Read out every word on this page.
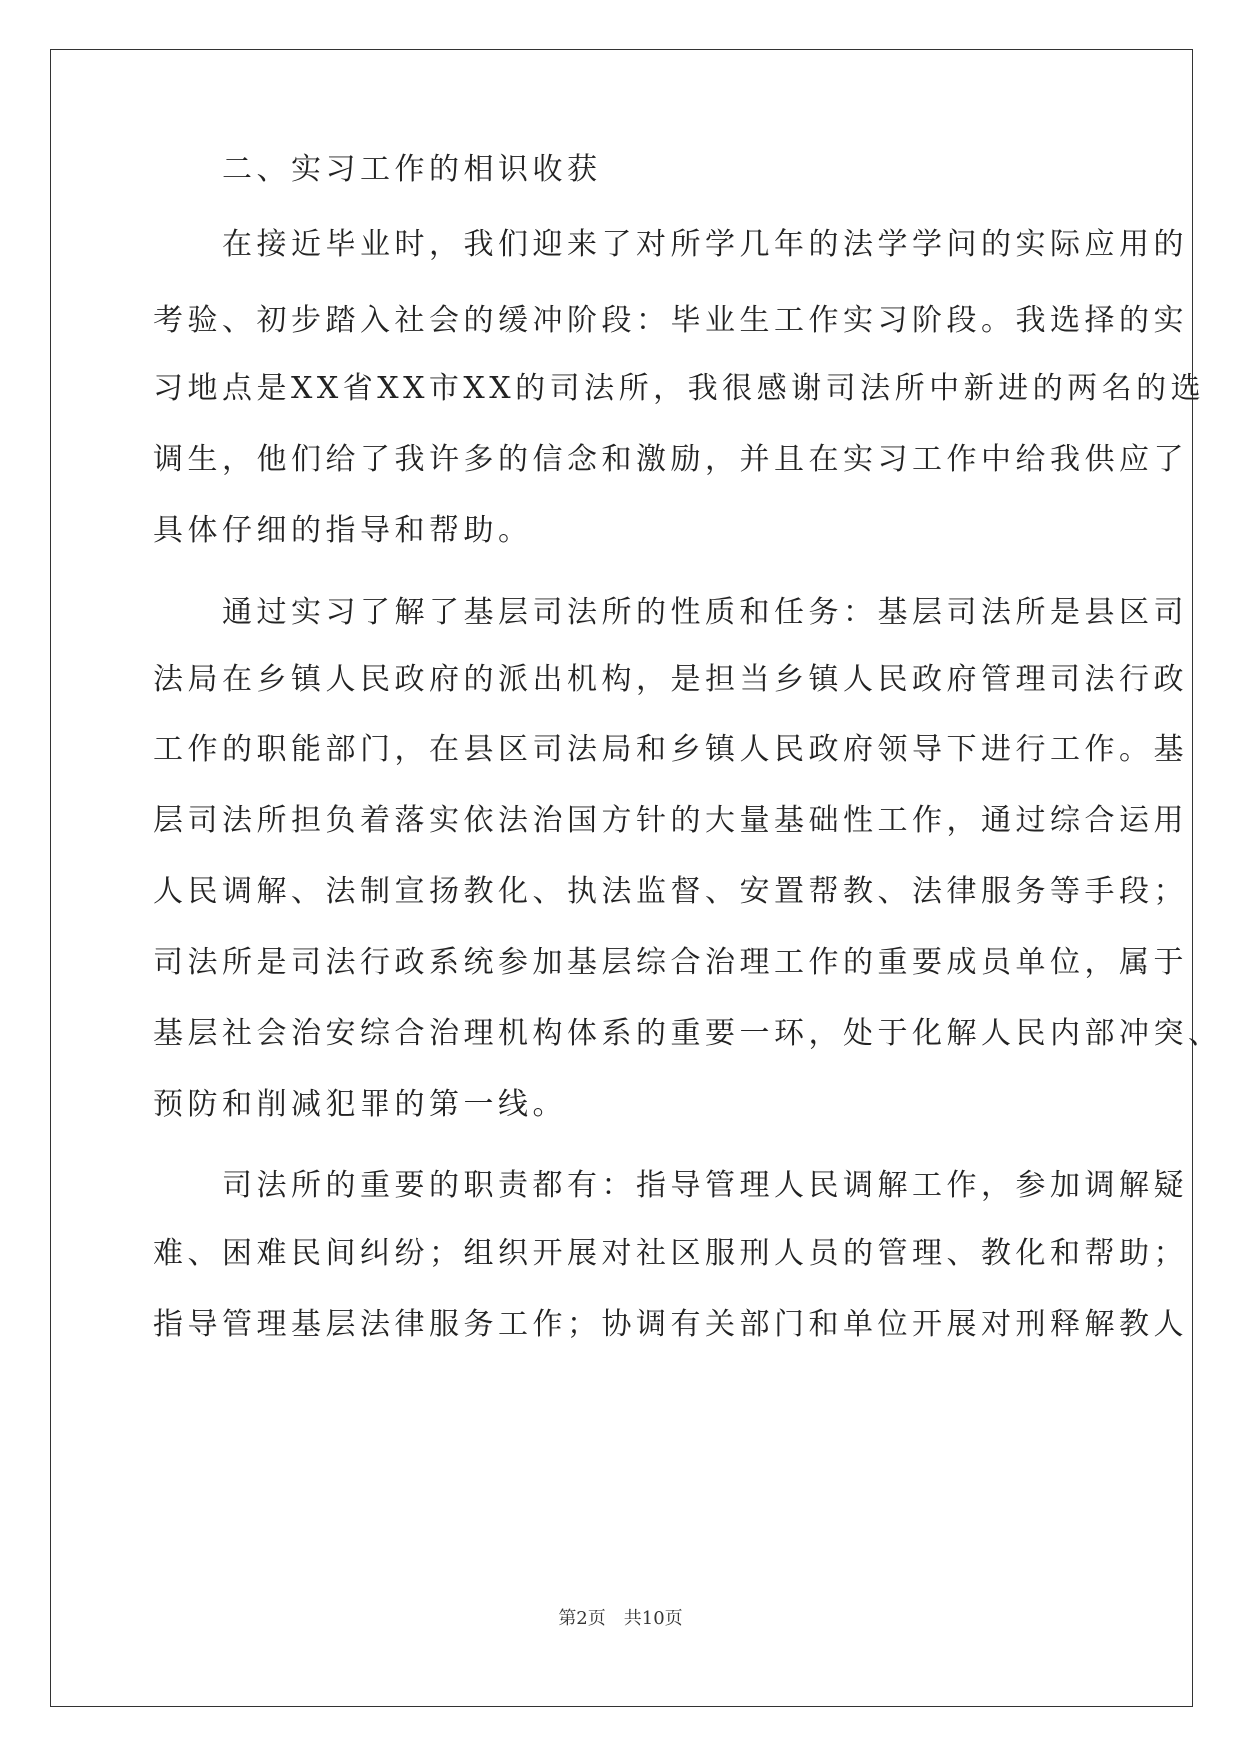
　　二、实习工作的相识收获
　　在接近毕业时，我们迎来了对所学几年的法学学问的实际应用的
考验、初步踏入社会的缓冲阶段：毕业生工作实习阶段。我选择的实
习地点是XX省XX市XX的司法所，我很感谢司法所中新进的两名的选
调生，他们给了我许多的信念和激励，并且在实习工作中给我供应了
具体仔细的指导和帮助。
　　通过实习了解了基层司法所的性质和任务：基层司法所是县区司
法局在乡镇人民政府的派出机构，是担当乡镇人民政府管理司法行政
工作的职能部门，在县区司法局和乡镇人民政府领导下进行工作。基
层司法所担负着落实依法治国方针的大量基础性工作，通过综合运用
人民调解、法制宣扬教化、执法监督、安置帮教、法律服务等手段；
司法所是司法行政系统参加基层综合治理工作的重要成员单位，属于
基层社会治安综合治理机构体系的重要一环，处于化解人民内部冲突、
预防和削减犯罪的第一线。
　　司法所的重要的职责都有：指导管理人民调解工作，参加调解疑
难、困难民间纠纷；组织开展对社区服刑人员的管理、教化和帮助；
指导管理基层法律服务工作；协调有关部门和单位开展对刑释解教人
第2页 共10页
